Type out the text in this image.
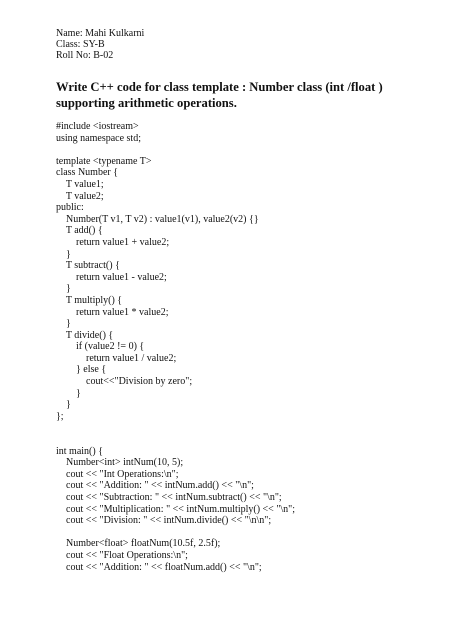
Name: Mahi Kulkarni
Class: SY-B
Roll No: B-02
Write C++ code for class template : Number class (int /float ) supporting arithmetic operations.
#include <iostream>
using namespace std;
template <typename T>
class Number {
T value1;
T value2;
public:
Number(T v1, T v2) : value1(v1), value2(v2) {}
T add() {
return value1 + value2;
}
T subtract() {
return value1 - value2;
}
T multiply() {
return value1 * value2;
}
T divide() {
if (value2 != 0) {
return value1 / value2;
} else {
cout<<"Division by zero";
}
}
};
int main() {
Number<int> intNum(10, 5);
cout << "Int Operations:\n";
cout << "Addition: " << intNum.add() << "\n";
cout << "Subtraction: " << intNum.subtract() << "\n";
cout << "Multiplication: " << intNum.multiply() << "\n";
cout << "Division: " << intNum.divide() << "\n\n";
Number<float> floatNum(10.5f, 2.5f);
cout << "Float Operations:\n";
cout << "Addition: " << floatNum.add() << "\n";
